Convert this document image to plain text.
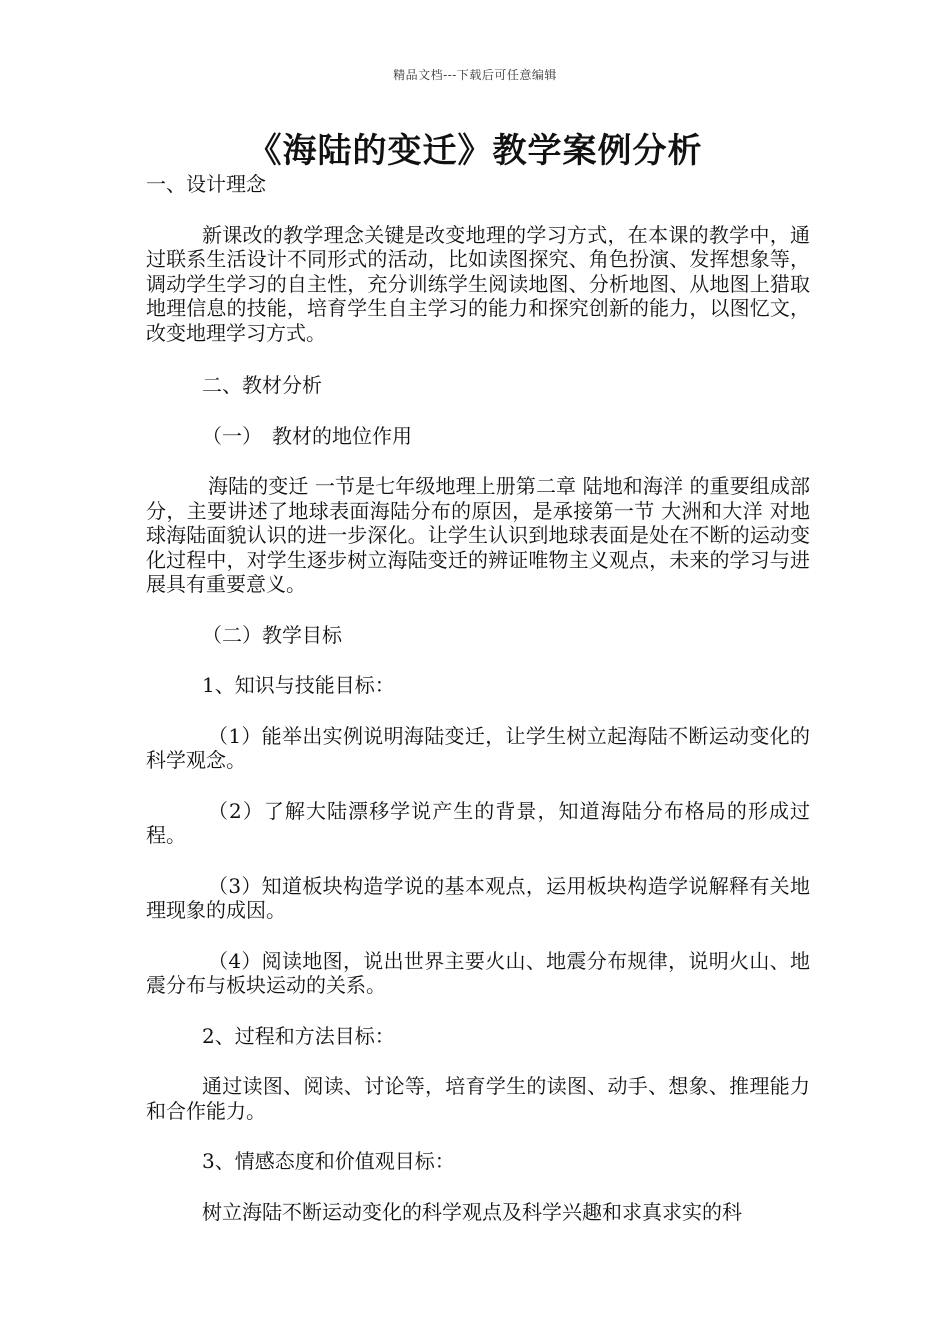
精品文档---下载后可任意编辑
《海陆的变迁》教学案例分析

一、设计理念

新课改的教学理念关键是改变地理的学习方式，在本课的教学中，通过联系生活设计不同形式的活动，比如读图探究、角色扮演、发挥想象等，调动学生学习的自主性，充分训练学生阅读地图、分析地图、从地图上猎取地理信息的技能，培育学生自主学习的能力和探究创新的能力，以图忆文，改变地理学习方式。

二、教材分析

（一）　教材的地位作用

海陆的变迁 一节是七年级地理上册第二章 陆地和海洋 的重要组成部分，主要讲述了地球表面海陆分布的原因，是承接第一节 大洲和大洋 对地球海陆面貌认识的进一步深化。让学生认识到地球表面是处在不断的运动变化过程中，对学生逐步树立海陆变迁的辨证唯物主义观点，未来的学习与进展具有重要意义。

（二）教学目标

1、知识与技能目标：

（1）能举出实例说明海陆变迁，让学生树立起海陆不断运动变化的科学观念。

（2）了解大陆漂移学说产生的背景，知道海陆分布格局的形成过程。

（3）知道板块构造学说的基本观点，运用板块构造学说解释有关地理现象的成因。

（4）阅读地图，说出世界主要火山、地震分布规律，说明火山、地震分布与板块运动的关系。

2、过程和方法目标：

通过读图、阅读、讨论等，培育学生的读图、动手、想象、推理能力和合作能力。

3、情感态度和价值观目标：

树立海陆不断运动变化的科学观点及科学兴趣和求真求实的科
